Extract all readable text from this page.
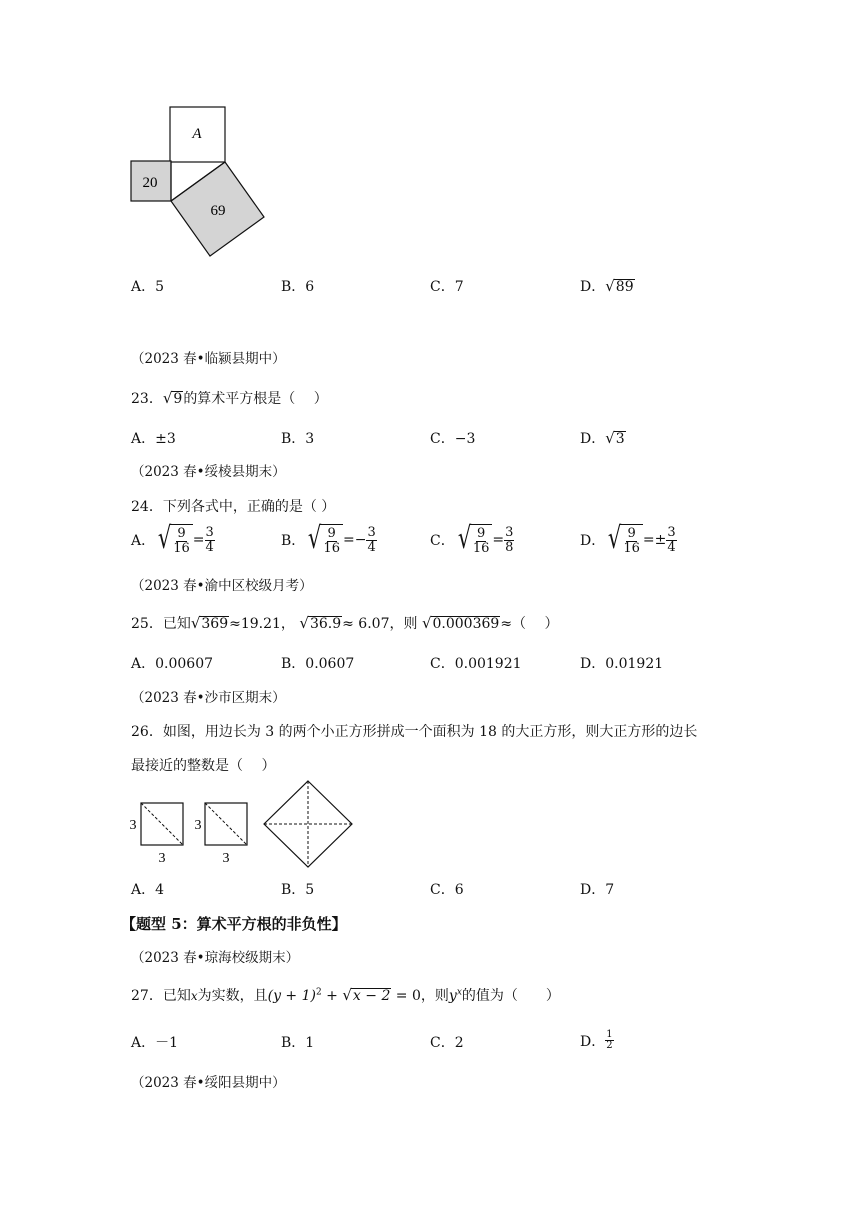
A
20
69
A．5	B．6	C．7	D．√89
（2023 春•临颍县期中）
23．√9的算术平方根是（　 ）
A．±3	B．3	C．−3	D．√3
（2023 春•绥棱县期末）
24．下列各式中，正确的是（ ）
A． √ $\frac{9}{16} = \frac{3}{4}$	B． √ $\frac{9}{16}$ = − $\frac{3}{4}$	C． √ $\frac{9}{16} = \frac{3}{8}$	D． √ $\frac{9}{16}$ = ± $\frac{3}{4}$
（2023 春•渝中区校级月考）
25．已知√369≈19.21， √36.9≈ 6.07，则 √0.000369≈（　 ）
A．0.00607	B．0.0607	C．0.001921	D．0.01921
（2023 春•沙市区期末）
26．如图，用边长为 3 的两个小正方形拼成一个面积为 18 的大正方形，则大正方形的边长
最接近的整数是（　 ）
3
3
3
3
A．4	B．5	C．6	D．7
【题型 5：算术平方根的非负性】
（2023 春•琼海校级期末）
27．已知x为实数，且$(y + 1)^2 + √x - 2 = 0$，则$y^x$的值为（　　）
A．－1	B．1	C．2	D． $\frac{1}{2}$
（2023 春•绥阳县期中）
